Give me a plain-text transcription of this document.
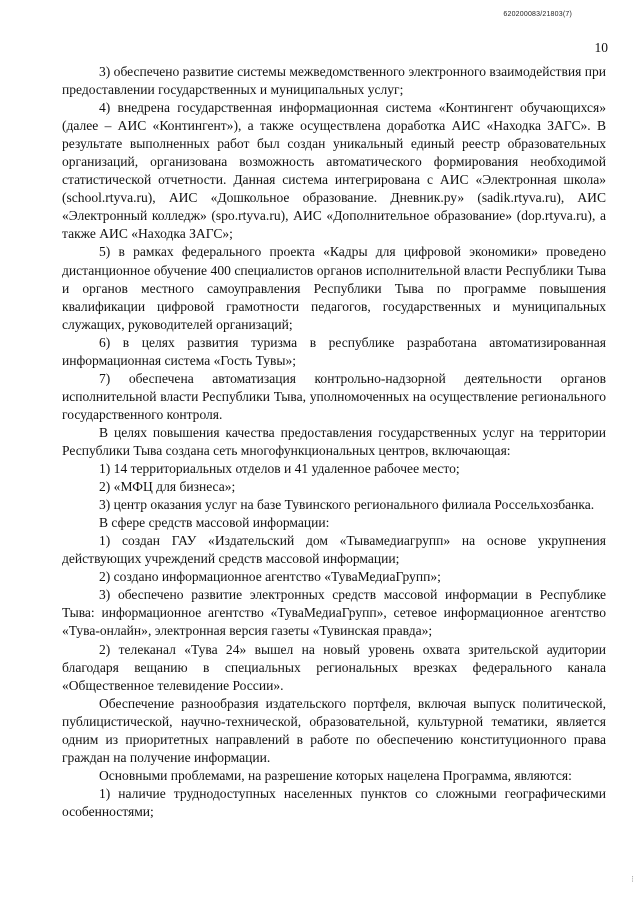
620200083/21803(7)
10

3) обеспечено развитие системы межведомственного электронного взаимодействия при предоставлении государственных и муниципальных услуг;

4) внедрена государственная информационная система «Контингент обучающихся» (далее – АИС «Контингент»), а также осуществлена доработка АИС «Находка ЗАГС». В результате выполненных работ был создан уникальный единый реестр образовательных организаций, организована возможность автоматического формирования необходимой статистической отчетности. Данная система интегрирована с АИС «Электронная школа» (school.rtyva.ru), АИС «Дошкольное образование. Дневник.ру» (sadik.rtyva.ru), АИС «Электронный колледж» (spo.rtyva.ru), АИС «Дополнительное образование» (dop.rtyva.ru), а также АИС «Находка ЗАГС»;

5) в рамках федерального проекта «Кадры для цифровой экономики» проведено дистанционное обучение 400 специалистов органов исполнительной власти Республики Тыва и органов местного самоуправления Республики Тыва по программе повышения квалификации цифровой грамотности педагогов, государственных и муниципальных служащих, руководителей организаций;

6) в целях развития туризма в республике разработана автоматизированная информационная система «Гость Тувы»;

7) обеспечена автоматизация контрольно-надзорной деятельности органов исполнительной власти Республики Тыва, уполномоченных на осуществление регионального государственного контроля.

В целях повышения качества предоставления государственных услуг на территории Республики Тыва создана сеть многофункциональных центров, включающая:

1) 14 территориальных отделов и 41 удаленное рабочее место;

2) «МФЦ для бизнеса»;

3) центр оказания услуг на базе Тувинского регионального филиала Россельхозбанка.

В сфере средств массовой информации:

1) создан ГАУ «Издательский дом «Тывамедиагрупп» на основе укрупнения действующих учреждений средств массовой информации;

2) создано информационное агентство «ТуваМедиаГрупп»;

3) обеспечено развитие электронных средств массовой информации в Республике Тыва: информационное агентство «ТуваМедиаГрупп», сетевое информационное агентство «Тува-онлайн», электронная версия газеты «Тувинская правда»;

2) телеканал «Тува 24» вышел на новый уровень охвата зрительской аудитории благодаря вещанию в специальных региональных врезках федерального канала «Общественное телевидение России».

Обеспечение разнообразия издательского портфеля, включая выпуск политической, публицистической, научно-технической, образовательной, культурной тематики, является одним из приоритетных направлений в работе по обеспечению конституционного права граждан на получение информации.

Основными проблемами, на разрешение которых нацелена Программа, являются:

1) наличие труднодоступных населенных пунктов со сложными географическими особенностями;

⁝
